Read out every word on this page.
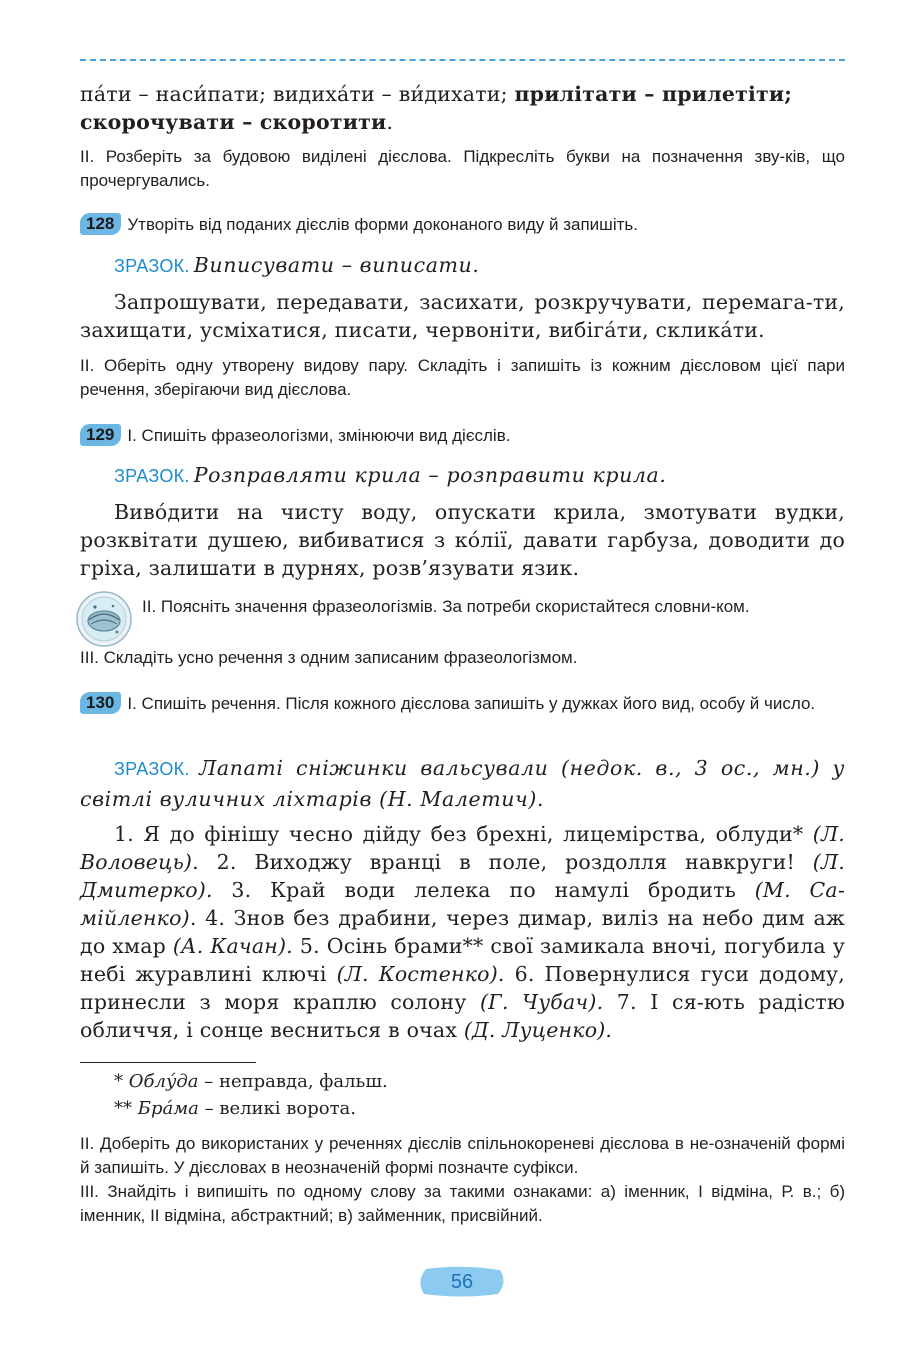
па́ти – наси́пати; видиха́ти – ви́дихати; прилітати – прилетіти;
скорочувати – скоротити.
ІІ. Розберіть за будовою виділені дієслова. Підкресліть букви на позначення зву-ків, що прочергувались.
128 Утворіть від поданих дієслів форми доконаного виду й запишіть.
ЗРАЗОК. Виписувати – виписати.
Запрошувати, передавати, засихати, розкручувати, перемага-ти, захищати, усміхатися, писати, червоніти, вибіга́ти, склика́ти.
ІІ. Оберіть одну утворену видову пару. Складіть і запишіть із кожним дієсловом цієї пари речення, зберігаючи вид дієслова.
129 І. Спишіть фразеологізми, змінюючи вид дієслів.
ЗРАЗОК. Розправляти крила – розправити крила.
Виво́дити на чисту воду, опускати крила, змотувати вудки, розквітати душею, вибиватися з ко́лії, давати гарбуза, доводити до гріха, залишати в дурнях, розв’язувати язик.
ІІ. Поясніть значення фразеологізмів. За потреби скористайтеся словни-ком.
ІІІ. Складіть усно речення з одним записаним фразеологізмом.
130 І. Спишіть речення. Після кожного дієслова запишіть у дужках його вид, особу й число.
ЗРАЗОК. Лапаті сніжинки вальсували (недок. в., 3 ос., мн.) у світлі вуличних ліхтарів (Н. Малетич).
1. Я до фінішу чесно дійду без брехні, лицемірства, облуди* (Л. Воловець). 2. Виходжу вранці в поле, роздолля навкруги! (Л. Дмитерко). 3. Край води лелека по намулі бродить (М. Са-мійленко). 4. Знов без драбини, через димар, виліз на небо дим аж до хмар (А. Качан). 5. Осінь брами** свої замикала вночі, погубила у небі журавлині ключі (Л. Костенко). 6. Повернулися гуси додому, принесли з моря краплю солону (Г. Чубач). 7. І ся-ють радістю обличчя, і сонце весниться в очах (Д. Луценко).
* Облу́да – неправда, фальш.
** Бра́ма – великі ворота.
ІІ. Доберіть до використаних у реченнях дієслів спільнокореневі дієслова в не-означеній формі й запишіть. У дієсловах в неозначеній формі позначте суфікси.
ІІІ. Знайдіть і випишіть по одному слову за такими ознаками: а) іменник, І відміна, Р. в.; б) іменник, ІІ відміна, абстрактний; в) займенник, присвійний.
56
